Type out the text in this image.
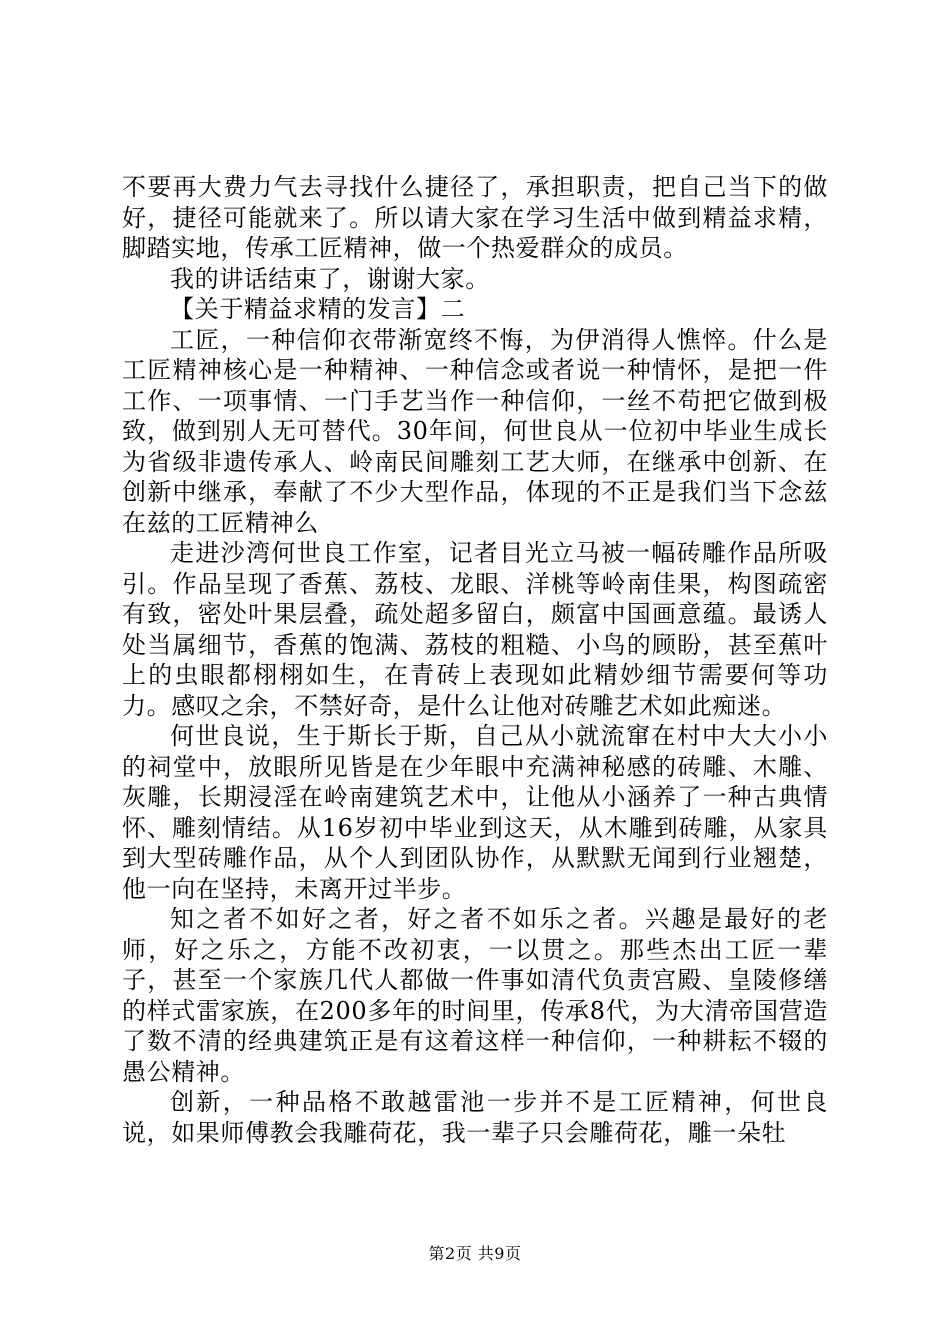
不要再大费力气去寻找什么捷径了，承担职责，把自己当下的做好，捷径可能就来了。所以请大家在学习生活中做到精益求精，脚踏实地，传承工匠精神，做一个热爱群众的成员。

我的讲话结束了，谢谢大家。

【关于精益求精的发言】二

工匠，一种信仰衣带渐宽终不悔，为伊消得人憔悴。什么是工匠精神核心是一种精神、一种信念或者说一种情怀，是把一件工作、一项事情、一门手艺当作一种信仰，一丝不苟把它做到极致，做到别人无可替代。30年间，何世良从一位初中毕业生成长为省级非遗传承人、岭南民间雕刻工艺大师，在继承中创新、在创新中继承，奉献了不少大型作品，体现的不正是我们当下念兹在兹的工匠精神么

走进沙湾何世良工作室，记者目光立马被一幅砖雕作品所吸引。作品呈现了香蕉、荔枝、龙眼、洋桃等岭南佳果，构图疏密有致，密处叶果层叠，疏处超多留白，颇富中国画意蕴。最诱人处当属细节，香蕉的饱满、荔枝的粗糙、小鸟的顾盼，甚至蕉叶上的虫眼都栩栩如生，在青砖上表现如此精妙细节需要何等功力。感叹之余，不禁好奇，是什么让他对砖雕艺术如此痴迷。

何世良说，生于斯长于斯，自己从小就流窜在村中大大小小的祠堂中，放眼所见皆是在少年眼中充满神秘感的砖雕、木雕、灰雕，长期浸淫在岭南建筑艺术中，让他从小涵养了一种古典情怀、雕刻情结。从16岁初中毕业到这天，从木雕到砖雕，从家具到大型砖雕作品，从个人到团队协作，从默默无闻到行业翘楚，他一向在坚持，未离开过半步。

知之者不如好之者，好之者不如乐之者。兴趣是最好的老师，好之乐之，方能不改初衷，一以贯之。那些杰出工匠一辈子，甚至一个家族几代人都做一件事如清代负责宫殿、皇陵修缮的样式雷家族，在200多年的时间里，传承8代，为大清帝国营造了数不清的经典建筑正是有这着这样一种信仰，一种耕耘不辍的愚公精神。

创新，一种品格不敢越雷池一步并不是工匠精神，何世良说，如果师傅教会我雕荷花，我一辈子只会雕荷花，雕一朵牡

第2页 共9页
